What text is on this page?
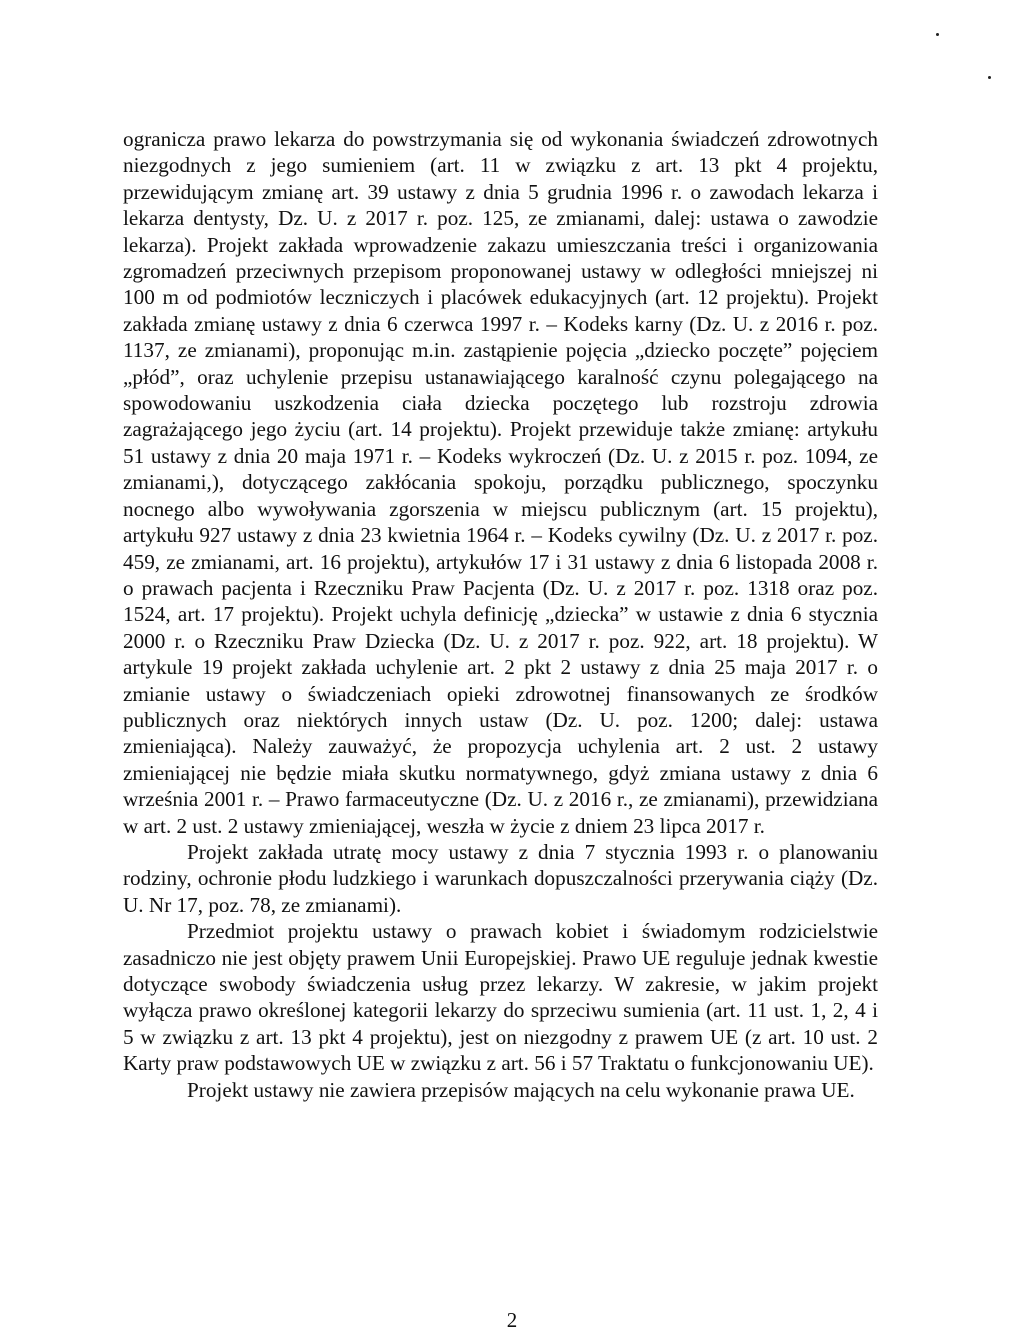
ogranicza prawo lekarza do powstrzymania się od wykonania świadczeń zdrowotnych niezgodnych z jego sumieniem (art. 11 w związku z art. 13 pkt 4 projektu, przewidującym zmianę art. 39 ustawy z dnia 5 grudnia 1996 r. o zawodach lekarza i lekarza dentysty, Dz. U. z 2017 r. poz. 125, ze zmianami, dalej: ustawa o zawodzie lekarza). Projekt zakłada wprowadzenie zakazu umieszczania treści i organizowania zgromadzeń przeciwnych przepisom proponowanej ustawy w odległości mniejszej ni 100 m od podmiotów leczniczych i placówek edukacyjnych (art. 12 projektu). Projekt zakłada zmianę ustawy z dnia 6 czerwca 1997 r. – Kodeks karny (Dz. U. z 2016 r. poz. 1137, ze zmianami), proponując m.in. zastąpienie pojęcia „dziecko poczęte” pojęciem „płód”, oraz uchylenie przepisu ustanawiającego karalność czynu polegającego na spowodowaniu uszkodzenia ciała dziecka poczętego lub rozstroju zdrowia zagrażającego jego życiu (art. 14 projektu). Projekt przewiduje także zmianę: artykułu 51 ustawy z dnia 20 maja 1971 r. – Kodeks wykroczeń (Dz. U. z 2015 r. poz. 1094, ze zmianami,), dotyczącego zakłócania spokoju, porządku publicznego, spoczynku nocnego albo wywoływania zgorszenia w miejscu publicznym (art. 15 projektu), artykułu 927 ustawy z dnia 23 kwietnia 1964 r. – Kodeks cywilny (Dz. U. z 2017 r. poz. 459, ze zmianami, art. 16 projektu), artykułów 17 i 31 ustawy z dnia 6 listopada 2008 r. o prawach pacjenta i Rzeczniku Praw Pacjenta (Dz. U. z 2017 r. poz. 1318 oraz poz. 1524, art. 17 projektu). Projekt uchyla definicję „dziecka” w ustawie z dnia 6 stycznia 2000 r. o Rzeczniku Praw Dziecka (Dz. U. z 2017 r. poz. 922, art. 18 projektu). W artykule 19 projekt zakłada uchylenie art. 2 pkt 2 ustawy z dnia 25 maja 2017 r. o zmianie ustawy o świadczeniach opieki zdrowotnej finansowanych ze środków publicznych oraz niektórych innych ustaw (Dz. U. poz. 1200; dalej: ustawa zmieniająca). Należy zauważyć, że propozycja uchylenia art. 2 ust. 2 ustawy zmieniającej nie będzie miała skutku normatywnego, gdyż zmiana ustawy z dnia 6 września 2001 r. – Prawo farmaceutyczne (Dz. U. z 2016 r., ze zmianami), przewidziana w art. 2 ust. 2 ustawy zmieniającej, weszła w życie z dniem 23 lipca 2017 r.

Projekt zakłada utratę mocy ustawy z dnia 7 stycznia 1993 r. o planowaniu rodziny, ochronie płodu ludzkiego i warunkach dopuszczalności przerywania ciąży (Dz. U. Nr 17, poz. 78, ze zmianami).

Przedmiot projektu ustawy o prawach kobiet i świadomym rodzicielstwie zasadniczo nie jest objęty prawem Unii Europejskiej. Prawo UE reguluje jednak kwestie dotyczące swobody świadczenia usług przez lekarzy. W zakresie, w jakim projekt wyłącza prawo określonej kategorii lekarzy do sprzeciwu sumienia (art. 11 ust. 1, 2, 4 i 5 w związku z art. 13 pkt 4 projektu), jest on niezgodny z prawem UE (z art. 10 ust. 2 Karty praw podstawowych UE w związku z art. 56 i 57 Traktatu o funkcjonowaniu UE).

Projekt ustawy nie zawiera przepisów mających na celu wykonanie prawa UE.

2
